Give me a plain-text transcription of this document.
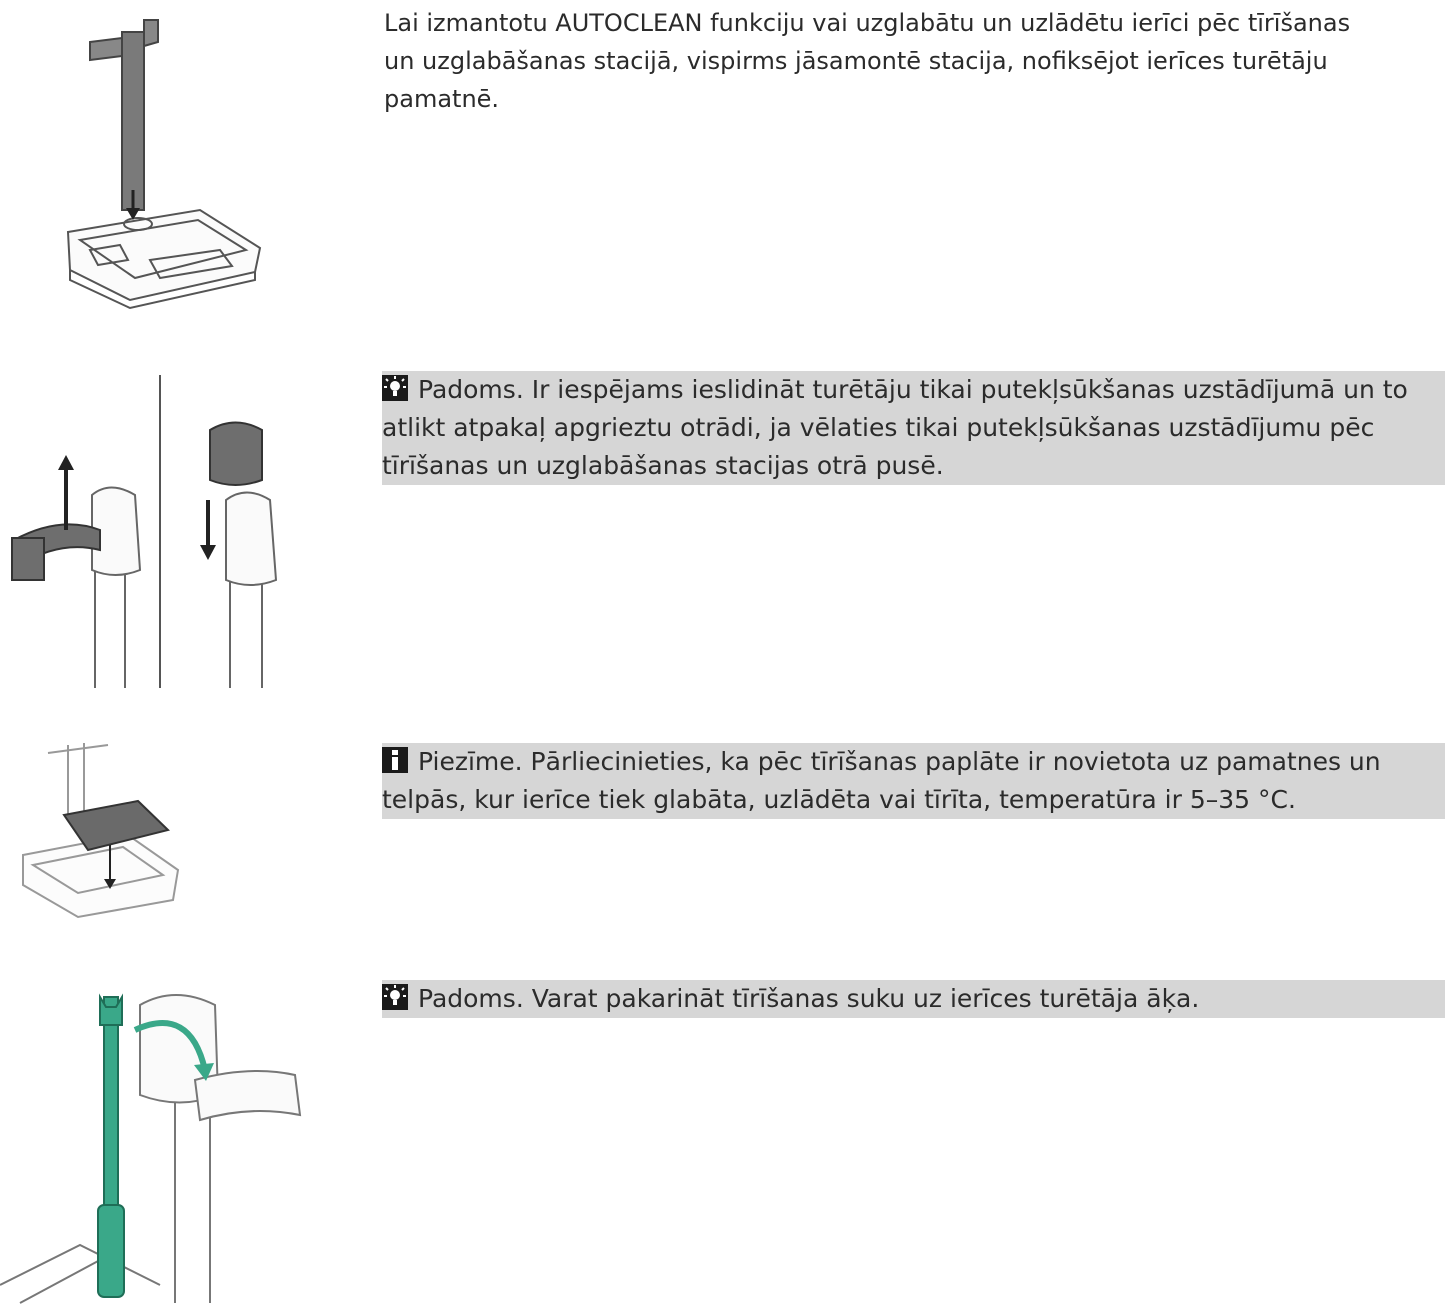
Lai izmantotu AUTOCLEAN funkciju vai uzglabātu un uzlādētu ierīci pēc tīrīšanas
un uzglabāšanas stacijā, vispirms jāsamontē stacija, nofiksējot ierīces turētāju
pamatnē.
Padoms. Ir iespējams ieslidināt turētāju tikai putekļsūkšanas uzstādījumā un to
atlikt atpakaļ apgrieztu otrādi, ja vēlaties tikai putekļsūkšanas uzstādījumu pēc
tīrīšanas un uzglabāšanas stacijas otrā pusē.
Piezīme. Pārliecinieties, ka pēc tīrīšanas paplāte ir novietota uz pamatnes un
telpās, kur ierīce tiek glabāta, uzlādēta vai tīrīta, temperatūra ir 5–35 °C.
Padoms. Varat pakarināt tīrīšanas suku uz ierīces turētāja āķa.
